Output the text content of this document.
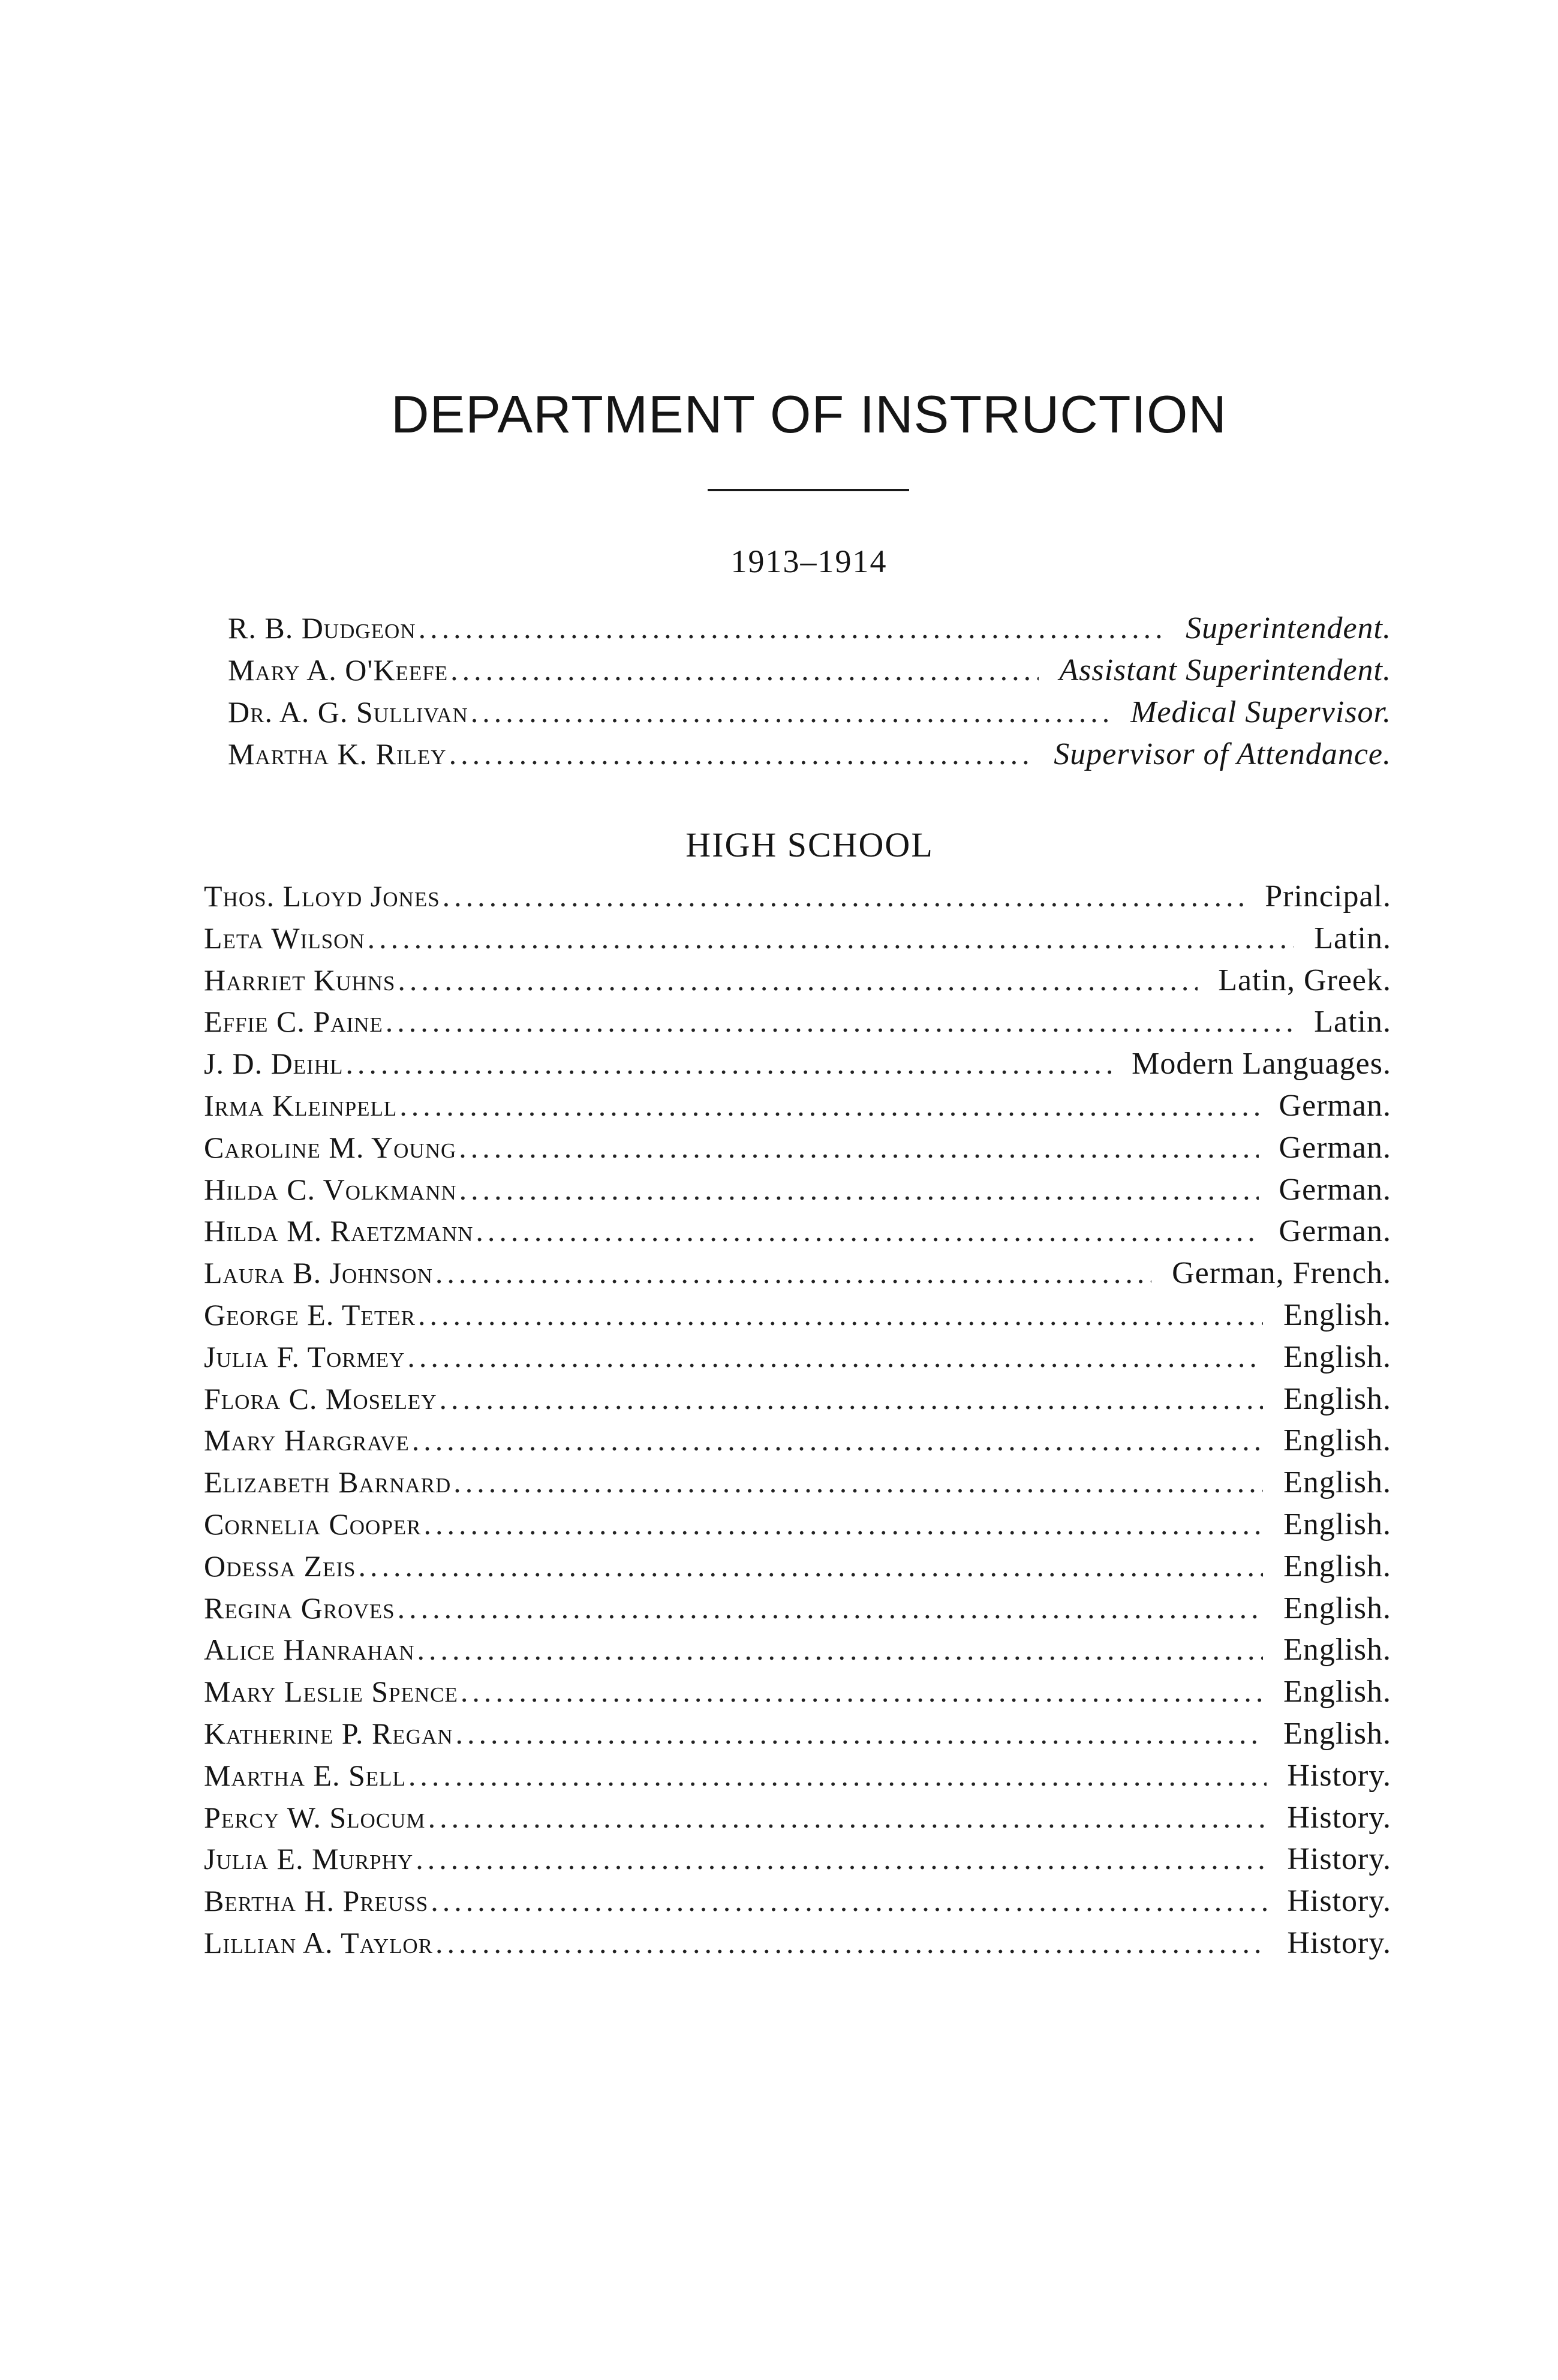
DEPARTMENT OF INSTRUCTION
1913–1914
R. B. Dudgeon .....	Superintendent.
Mary A. O'Keefe .....	Assistant Superintendent.
Dr. A. G. Sullivan .....	Medical Supervisor.
Martha K. Riley .....	Supervisor of Attendance.
HIGH SCHOOL
Thos. Lloyd Jones .....	Principal.
Leta Wilson .....	Latin.
Harriet Kuhns .....	Latin, Greek.
Effie C. Paine .....	Latin.
J. D. Deihl .....	Modern Languages.
Irma Kleinpell .....	German.
Caroline M. Young .....	German.
Hilda C. Volkmann .....	German.
Hilda M. Raetzmann .....	German.
Laura B. Johnson .....	German, French.
George E. Teter .....	English.
Julia F. Tormey .....	English.
Flora C. Moseley .....	English.
Mary Hargrave .....	English.
Elizabeth Barnard .....	English.
Cornelia Cooper .....	English.
Odessa Zeis .....	English.
Regina Groves .....	English.
Alice Hanrahan .....	English.
Mary Leslie Spence .....	English.
Katherine P. Regan .....	English.
Martha E. Sell .....	History.
Percy W. Slocum .....	History.
Julia E. Murphy .....	History.
Bertha H. Preuss .....	History.
Lillian A. Taylor .....	History.
